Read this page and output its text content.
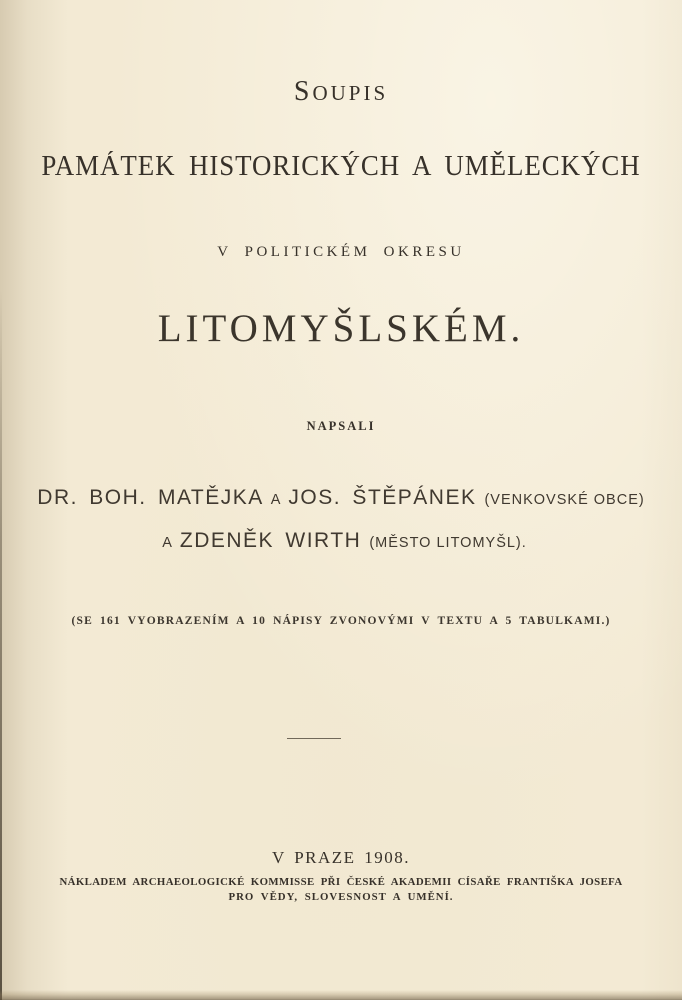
SOUPIS
PAMÁTEK HISTORICKÝCH A UMĚLECKÝCH
V POLITICKÉM OKRESU
LITOMYŠLSKÉM.
NAPSALI
DR. BOH. MATĚJKA A JOS. ŠTĚPÁNEK (VENKOVSKÉ OBCE)
A ZDENĚK WIRTH (MĚSTO LITOMYŠL).
(SE 161 VYOBRAZENÍM A 10 NÁPISY ZVONOVÝMI V TEXTU A 5 TABULKAMI.)
V PRAZE 1908.
NÁKLADEM ARCHAEOLOGICKÉ KOMMISSE PŘI ČESKÉ AKADEMII CÍSAŘE FRANTIŠKA JOSEFA
PRO VĚDY, SLOVESNOST A UMĚNÍ.
